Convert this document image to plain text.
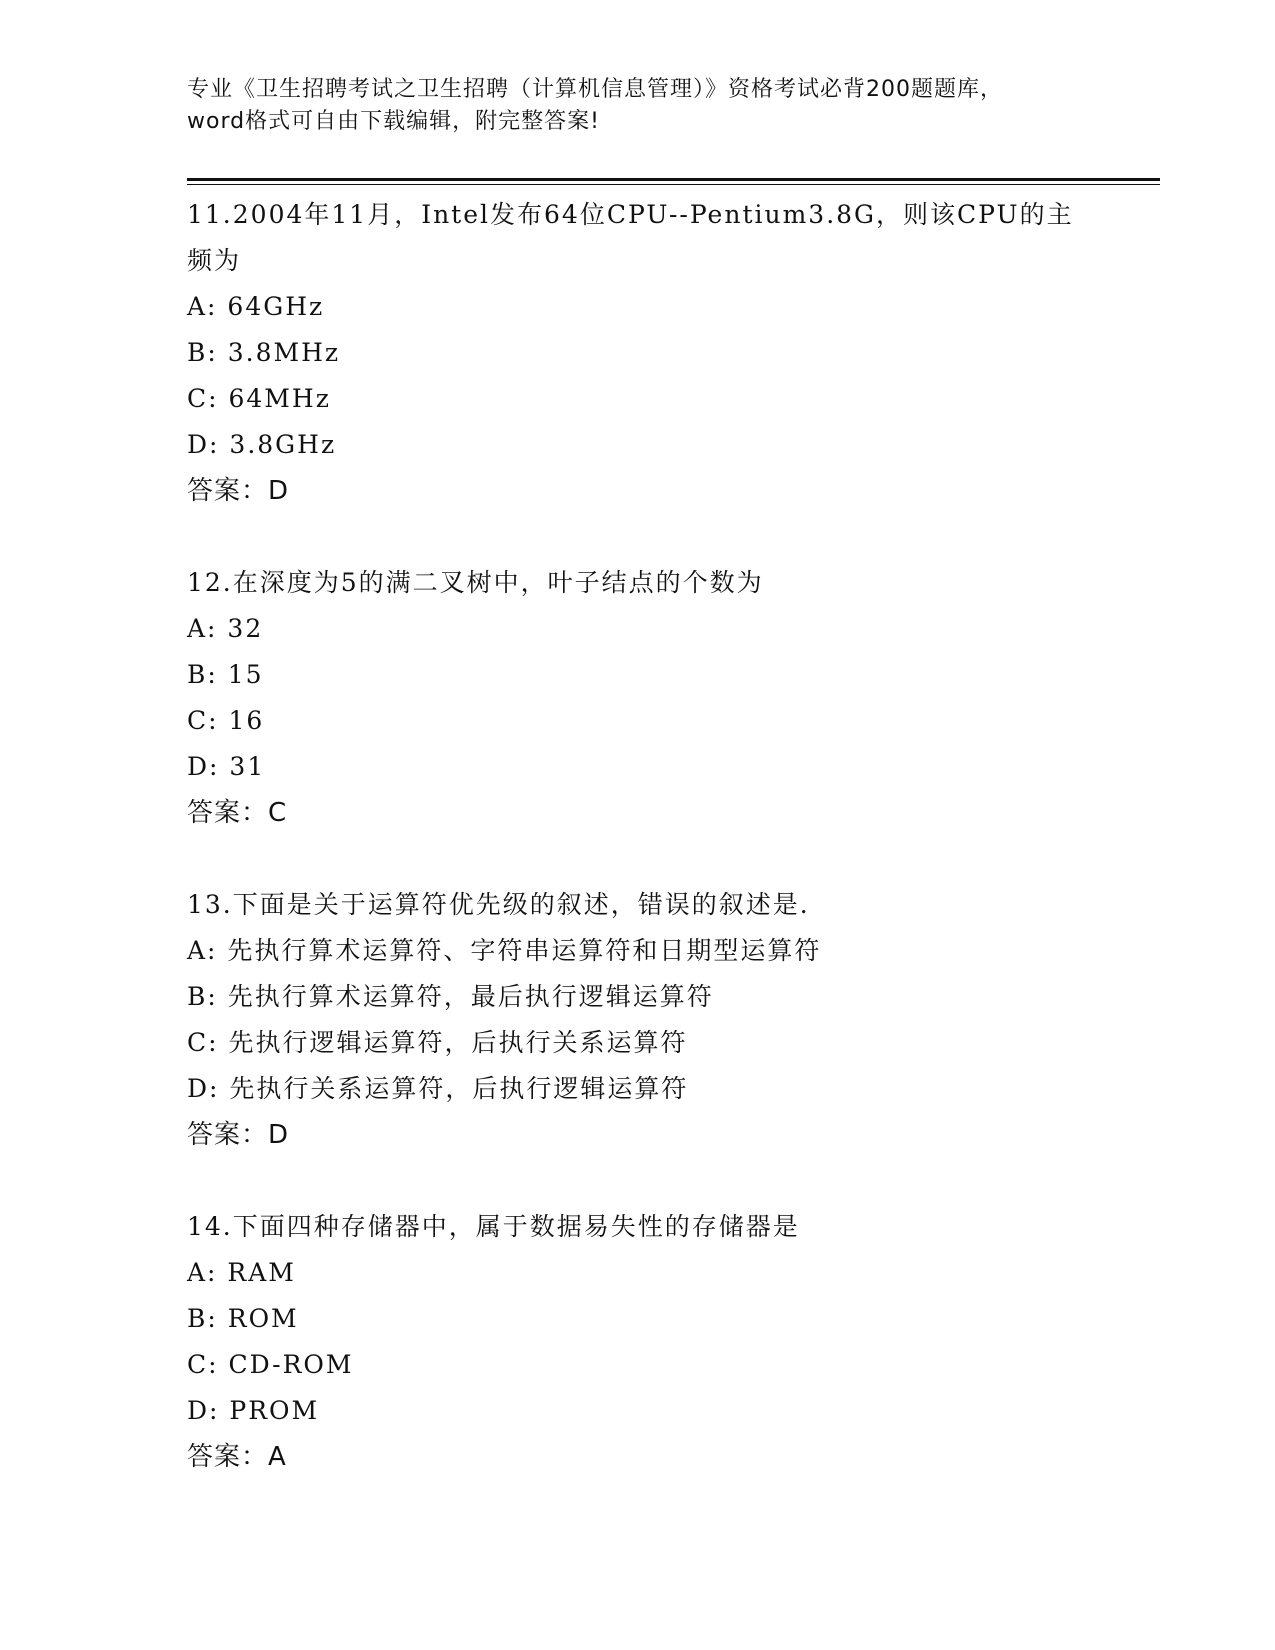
专业《卫生招聘考试之卫生招聘（计算机信息管理）》资格考试必背200题题库，
word格式可自由下载编辑，附完整答案!

11.2004年11月，Intel发布64位CPU--Pentium3.8G，则该CPU的主

频为

A: 64GHz

B: 3.8MHz

C: 64MHz

D: 3.8GHz

答案：D

12.在深度为5的满二叉树中，叶子结点的个数为

A: 32

B: 15

C: 16

D: 31

答案：C

13.下面是关于运算符优先级的叙述，错误的叙述是.

A: 先执行算术运算符、字符串运算符和日期型运算符

B: 先执行算术运算符，最后执行逻辑运算符

C: 先执行逻辑运算符，后执行关系运算符

D: 先执行关系运算符，后执行逻辑运算符

答案：D

14.下面四种存储器中，属于数据易失性的存储器是

A: RAM

B: ROM

C: CD-ROM

D: PROM

答案：A
